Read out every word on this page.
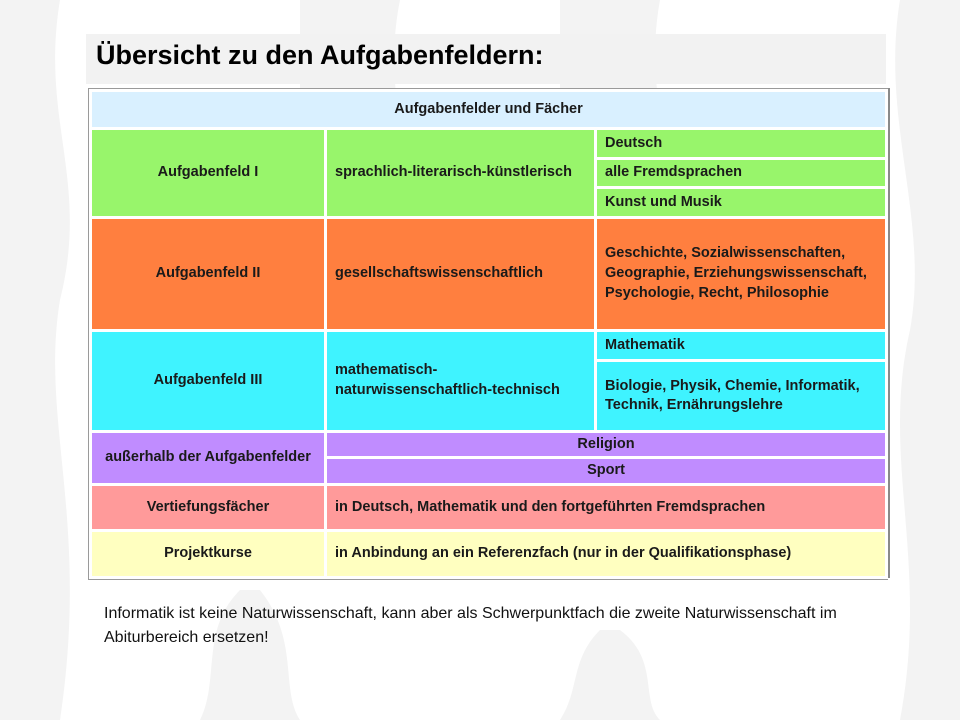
Übersicht zu den Aufgabenfeldern:
Aufgabenfelder und Fächer		
Aufgabenfeld I	sprachlich-literarisch-künstlerisch	Deutsch
		alle Fremdsprachen
		Kunst und Musik
Aufgabenfeld II	gesellschaftswissenschaftlich	Geschichte, Sozialwissenschaften, Geographie, Erziehungswissenschaft, Psychologie, Recht, Philosophie
Aufgabenfeld III	mathematisch-naturwissenschaftlich-technisch	Mathematik
		Biologie, Physik, Chemie, Informatik, Technik, Ernährungslehre
außerhalb der Aufgabenfelder	Religion	
	Sport	
Vertiefungsfächer	in Deutsch, Mathematik und den fortgeführten Fremdsprachen	
Projektkurse	in Anbindung an ein Referenzfach (nur in der Qualifikationsphase)	
Informatik ist keine Naturwissenschaft, kann aber als Schwerpunktfach die zweite Naturwissenschaft im Abiturbereich ersetzen!
